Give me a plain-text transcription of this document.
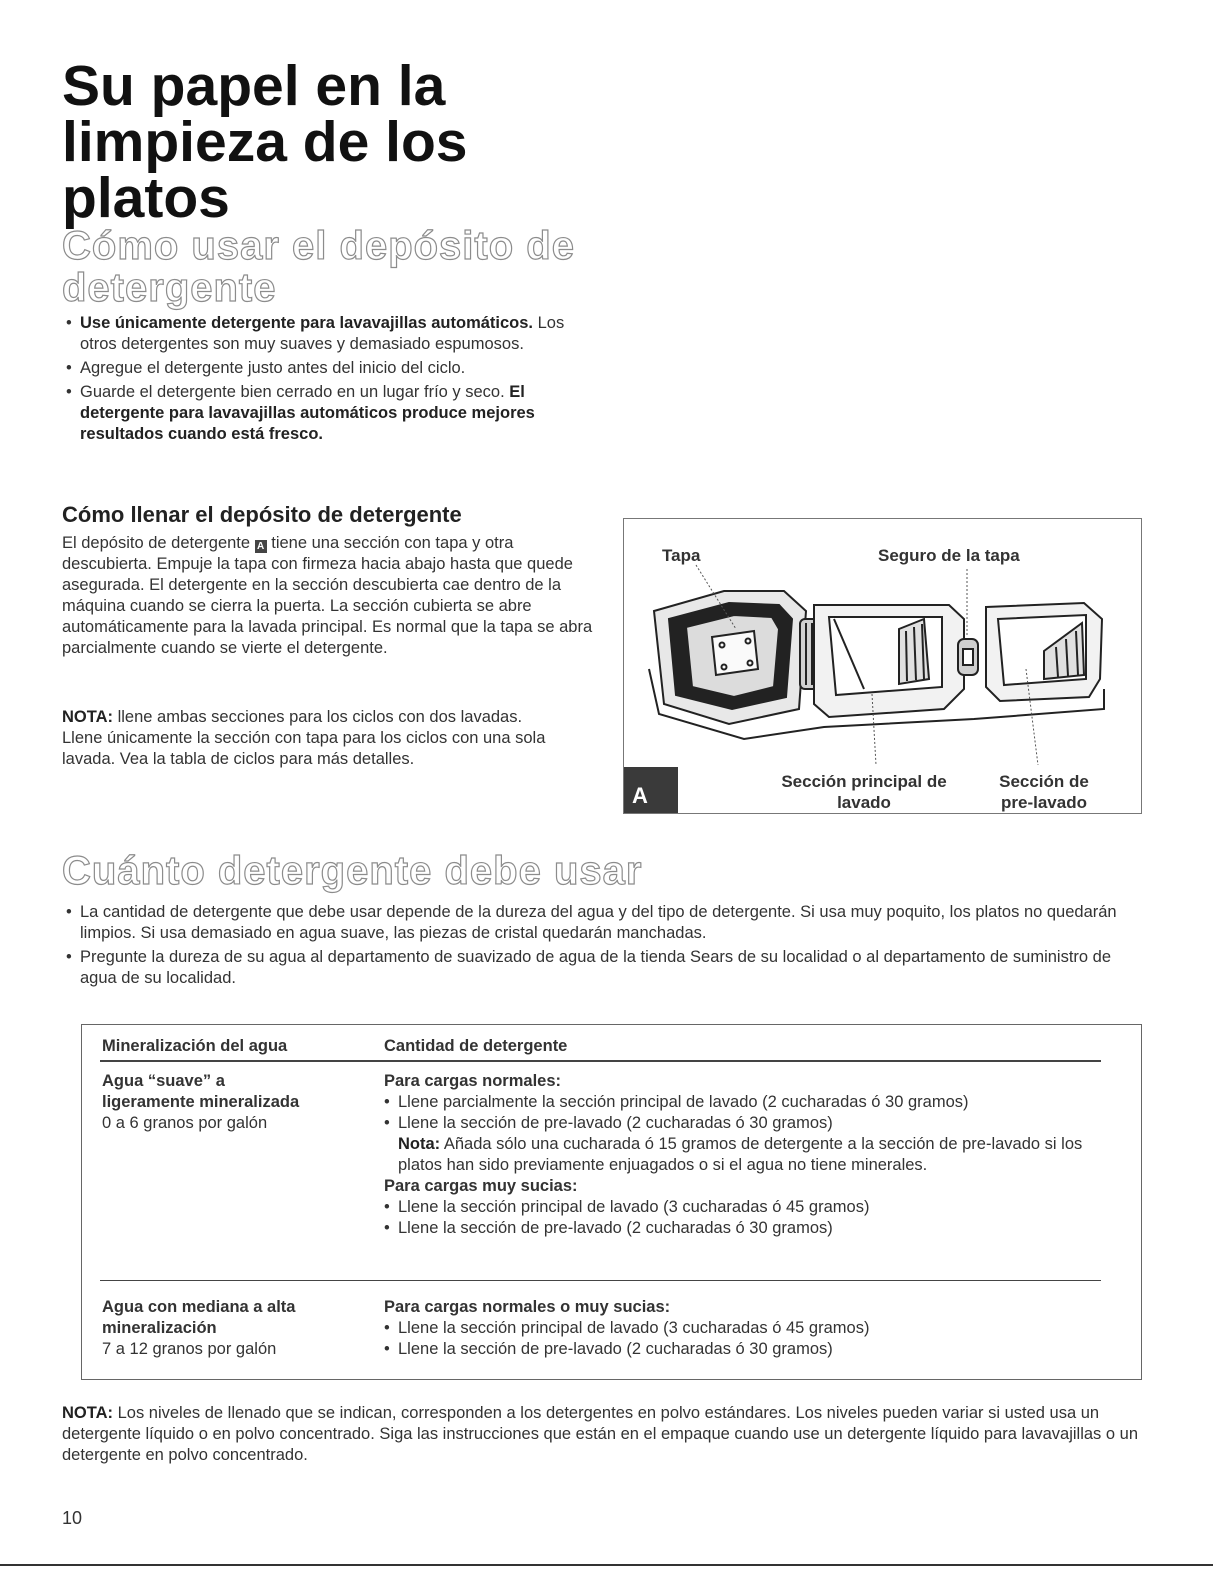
Su papel en la limpieza de los platos
Cómo usar el depósito de detergente
• Use únicamente detergente para lavavajillas automáticos. Los otros detergentes son muy suaves y demasiado espumosos.
• Agregue el detergente justo antes del inicio del ciclo.
• Guarde el detergente bien cerrado en un lugar frío y seco. El detergente para lavavajillas automáticos produce mejores resultados cuando está fresco.
Cómo llenar el depósito de detergente

El depósito de detergente A tiene una sección con tapa y otra descubierta. Empuje la tapa con firmeza hacia abajo hasta que quede asegurada. El detergente en la sección descubierta cae dentro de la máquina cuando se cierra la puerta. La sección cubierta se abre automáticamente para la lavada principal. Es normal que la tapa se abra parcialmente cuando se vierte el detergente.

NOTA: llene ambas secciones para los ciclos con dos lavadas. Llene únicamente la sección con tapa para los ciclos con una sola lavada. Vea la tabla de ciclos para más detalles.

Tapa	Seguro de la tapa
Sección principal de lavado
Sección de pre-lavado
A
Cuánto detergente debe usar
• La cantidad de detergente que debe usar depende de la dureza del agua y del tipo de detergente. Si usa muy poquito, los platos no quedarán limpios. Si usa demasiado en agua suave, las piezas de cristal quedarán manchadas.
• Pregunte la dureza de su agua al departamento de suavizado de agua de la tienda Sears de su localidad o al departamento de suministro de agua de su localidad.
Mineralización del agua	Cantidad de detergente
Agua “suave” a
ligeramente mineralizada
0 a 6 granos por galón
Para cargas normales:
• Llene parcialmente la sección principal de lavado (2 cucharadas ó 30 gramos)
• Llene la sección de pre-lavado (2 cucharadas ó 30 gramos)
Nota: Añada sólo una cucharada ó 15 gramos de detergente a la sección de pre-lavado si los platos han sido previamente enjuagados o si el agua no tiene minerales.
Para cargas muy sucias:
• Llene la sección principal de lavado (3 cucharadas ó 45 gramos)
• Llene la sección de pre-lavado (2 cucharadas ó 30 gramos)
Agua con mediana a alta
mineralización
7 a 12 granos por galón
Para cargas normales o muy sucias:
• Llene la sección principal de lavado (3 cucharadas ó 45 gramos)
• Llene la sección de pre-lavado (2 cucharadas ó 30 gramos)

NOTA: Los niveles de llenado que se indican, corresponden a los detergentes en polvo estándares. Los niveles pueden variar si usted usa un detergente líquido o en polvo concentrado. Siga las instrucciones que están en el empaque cuando use un detergente líquido para lavavajillas o un detergente en polvo concentrado.

10
